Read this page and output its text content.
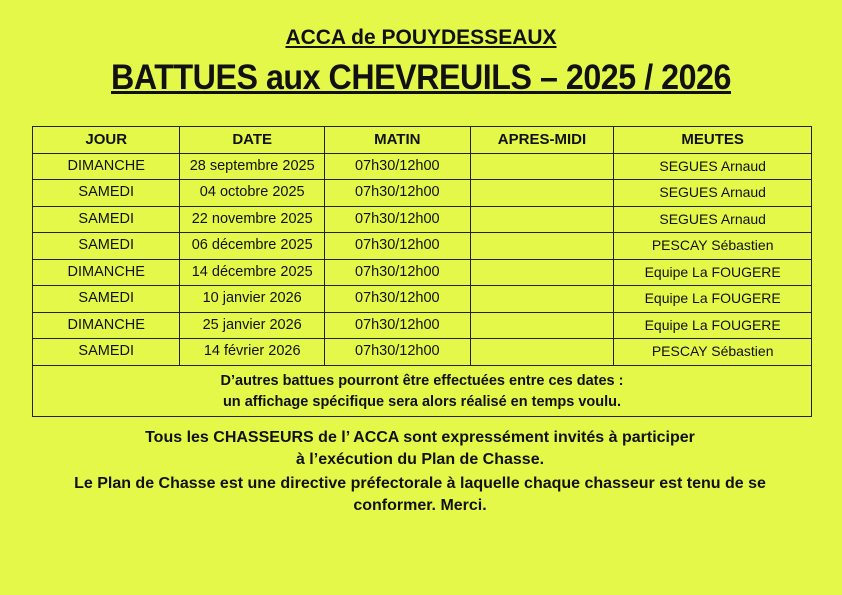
ACCA de POUYDESSEAUX
BATTUES aux CHEVREUILS – 2025 / 2026
JOUR	DATE	MATIN	APRES-MIDI	MEUTES
DIMANCHE	28 septembre 2025	07h30/12h00		SEGUES Arnaud
SAMEDI	04 octobre 2025	07h30/12h00		SEGUES Arnaud
SAMEDI	22 novembre 2025	07h30/12h00		SEGUES Arnaud
SAMEDI	06 décembre 2025	07h30/12h00		PESCAY Sébastien
DIMANCHE	14 décembre 2025	07h30/12h00		Equipe La FOUGERE
SAMEDI	10 janvier 2026	07h30/12h00		Equipe La FOUGERE
DIMANCHE	25 janvier 2026	07h30/12h00		Equipe La FOUGERE
SAMEDI	14 février 2026	07h30/12h00		PESCAY Sébastien

D’autres battues pourront être effectuées entre ces dates :
un affichage spécifique sera alors réalisé en temps voulu.				

Tous les CHASSEURS de l’ ACCA sont expressément invités à participer

à l’exécution du Plan de Chasse.

Le Plan de Chasse est une directive préfectorale à laquelle chaque chasseur est tenu de se

conformer. Merci.
